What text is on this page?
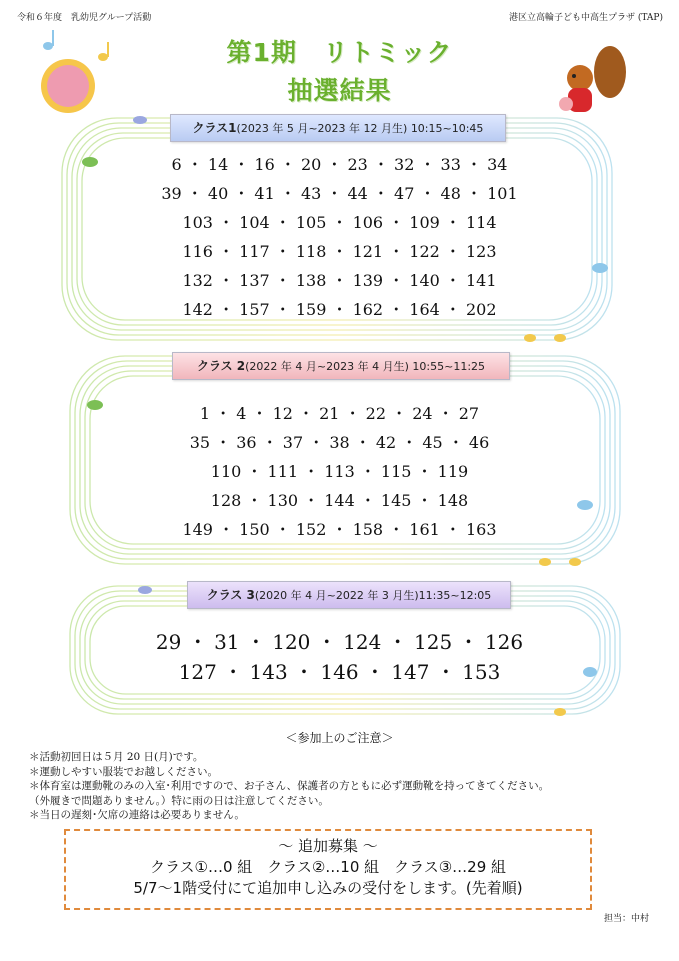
令和６年度　乳幼児グループ活動	港区立高輪子ども中高生プラザ (TAP)
第1期　リトミック
抽選結果
クラス1(2023 年 5 月~2023 年 12 月生) 10:15~10:45
6 ・ 14 ・ 16 ・ 20 ・ 23 ・ 32 ・ 33 ・ 34
39 ・ 40 ・ 41 ・ 43 ・ 44 ・ 47 ・ 48 ・ 101
103 ・ 104 ・ 105 ・ 106 ・ 109 ・ 114
116 ・ 117 ・ 118 ・ 121 ・ 122 ・ 123
132 ・ 137 ・ 138 ・ 139 ・ 140 ・ 141
142 ・ 157 ・ 159 ・ 162 ・ 164 ・ 202
クラス 2(2022 年 4 月~2023 年 4 月生) 10:55~11:25
1 ・ 4 ・ 12 ・ 21 ・ 22 ・ 24 ・ 27
35 ・ 36 ・ 37 ・ 38 ・ 42 ・ 45 ・ 46
110 ・ 111 ・ 113 ・ 115 ・ 119
128 ・ 130 ・ 144 ・ 145 ・ 148
149 ・ 150 ・ 152 ・ 158 ・ 161 ・ 163
クラス 3(2020 年 4 月~2022 年 3 月生)11:35~12:05
29 ・ 31 ・ 120 ・ 124 ・ 125 ・ 126
127 ・ 143 ・ 146 ・ 147 ・ 153
＜参加上のご注意＞
＊活動初回日は５月 20 日(月)です。
＊運動しやすい服装でお越しください。
＊体育室は運動靴のみの入室･利用ですので、お子さん、保護者の方ともに必ず運動靴を持ってきてください。
（外履きで問題ありません。）特に雨の日は注意してください。
＊当日の遅刻･欠席の連絡は必要ありません。
～ 追加募集 ～
クラス①…0 組　クラス②…10 組　クラス③…29 組
5/7～1階受付にて追加申し込みの受付をします。(先着順)
担当：中村
